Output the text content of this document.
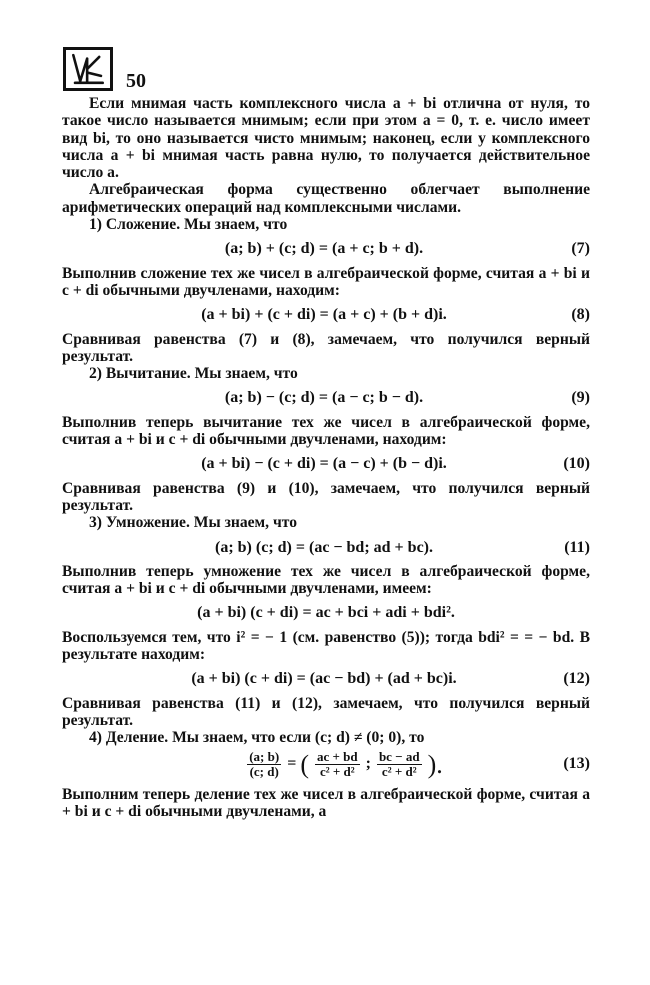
50

Если мнимая часть комплексного числа a + bi отлична от нуля, то такое число называется мнимым; если при этом a = 0, т. е. число имеет вид bi, то оно называется чисто мнимым; наконец, если у комплексного числа a + bi мнимая часть равна нулю, то получается действительное число a.

Алгебраическая форма существенно облегчает выполнение арифметических операций над комплексными числами.

1) Сложение. Мы знаем, что

(a; b) + (c; d) = (a + c; b + d).	(7)

Выполнив сложение тех же чисел в алгебраической форме, считая a + bi и c + di обычными двучленами, находим:

(a + bi) + (c + di) = (a + c) + (b + d)i.	(8)

Сравнивая равенства (7) и (8), замечаем, что получился верный результат.

2) Вычитание. Мы знаем, что

(a; b) − (c; d) = (a − c; b − d).	(9)

Выполнив теперь вычитание тех же чисел в алгебраической форме, считая a + bi и c + di обычными двучленами, находим:

(a + bi) − (c + di) = (a − c) + (b − d)i.	(10)

Сравнивая равенства (9) и (10), замечаем, что получился верный результат.

3) Умножение. Мы знаем, что

(a; b) (c; d) = (ac − bd; ad + bc).	(11)

Выполнив теперь умножение тех же чисел в алгебраической форме, считая a + bi и c + di обычными двучленами, имеем:

(a + bi) (c + di) = ac + bci + adi + bdi².

Воспользуемся тем, что i² = − 1 (см. равенство (5)); тогда bdi² = = − bd. В результате находим:

(a + bi) (c + di) = (ac − bd) + (ad + bc)i.	(12)

Сравнивая равенства (11) и (12), замечаем, что получился верный результат.

4) Деление. Мы знаем, что если (c; d) ≠ (0; 0), то

$\frac{(a; b)}{(c; d)}$ = ( $\frac{ac + bd}{\text{c² + d²}}$ ; $\frac{bc - ad}{\text{c² + d²}}$ ).	(13)

Выполним теперь деление тех же чисел в алгебраической форме, считая a + bi и c + di обычными двучленами, а
